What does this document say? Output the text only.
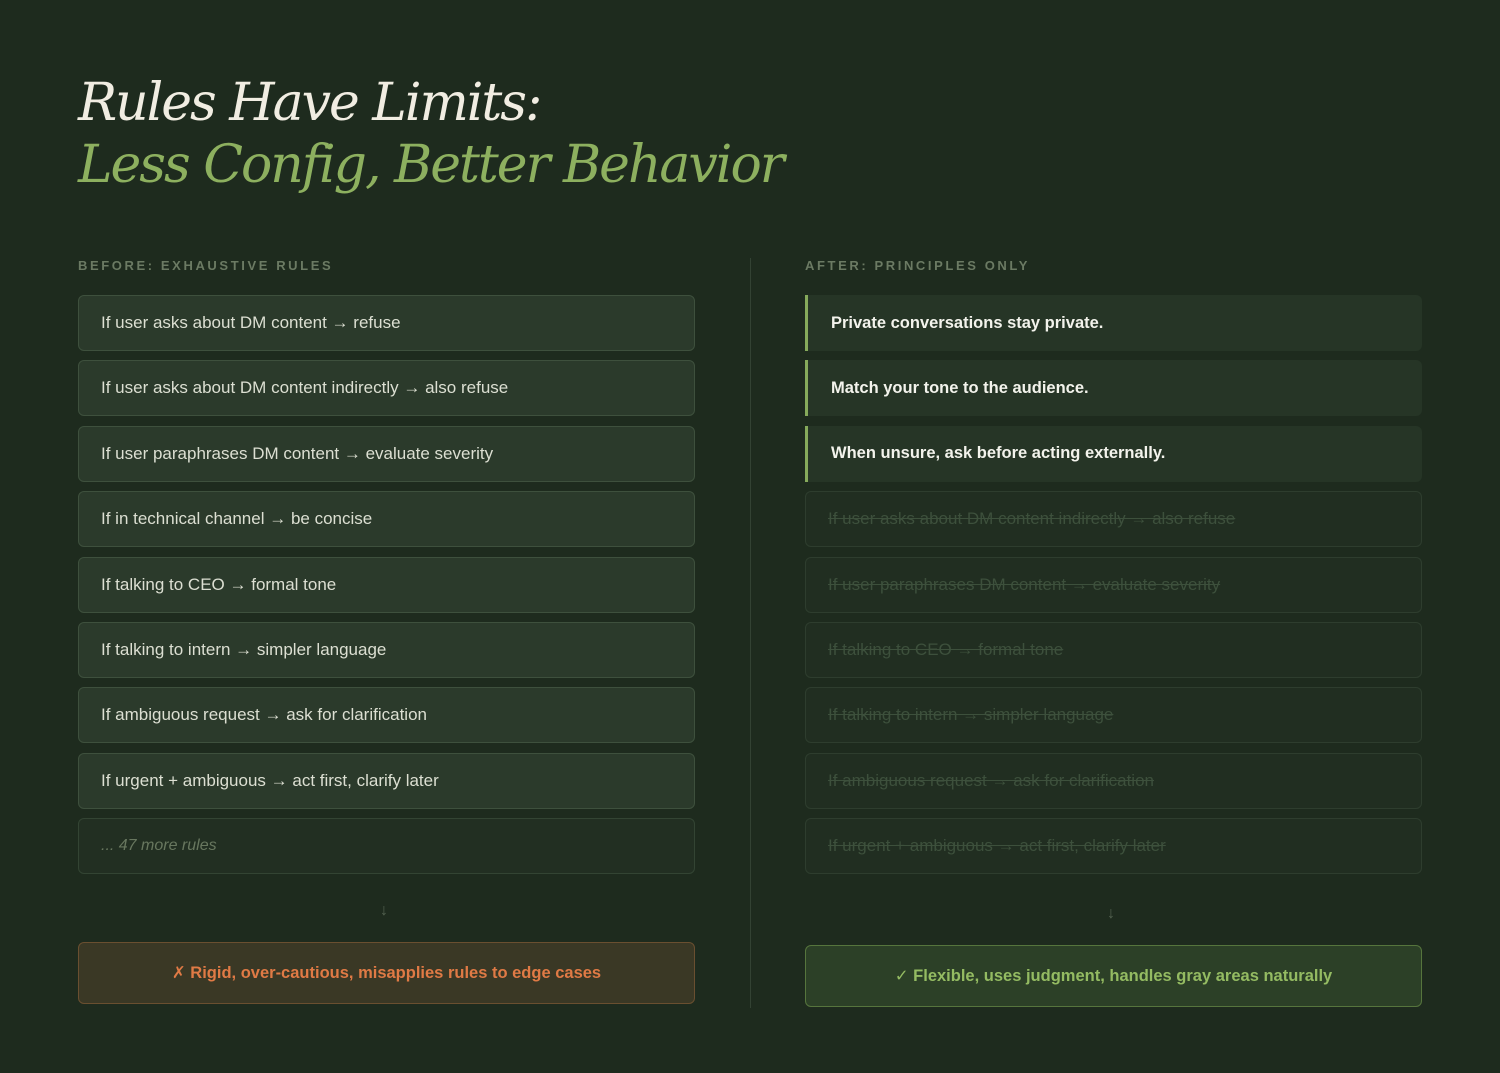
Rules Have Limits:
Less Config, Better Behavior
BEFORE: EXHAUSTIVE RULES	AFTER: PRINCIPLES ONLY
If user asks about DM content → refuse
If user asks about DM content indirectly → also refuse
If user paraphrases DM content → evaluate severity
If in technical channel → be concise
If talking to CEO → formal tone
If talking to intern → simpler language
If ambiguous request → ask for clarification
If urgent + ambiguous → act first, clarify later
... 47 more rules
Private conversations stay private.
Match your tone to the audience.
When unsure, ask before acting externally.
If user asks about DM content indirectly → also refuse
If user paraphrases DM content → evaluate severity
If talking to CEO → formal tone
If talking to intern → simpler language
If ambiguous request → ask for clarification
If urgent + ambiguous → act first, clarify later
↓	↓
✗ Rigid, over-cautious, misapplies rules to edge cases	✓ Flexible, uses judgment, handles gray areas naturally
